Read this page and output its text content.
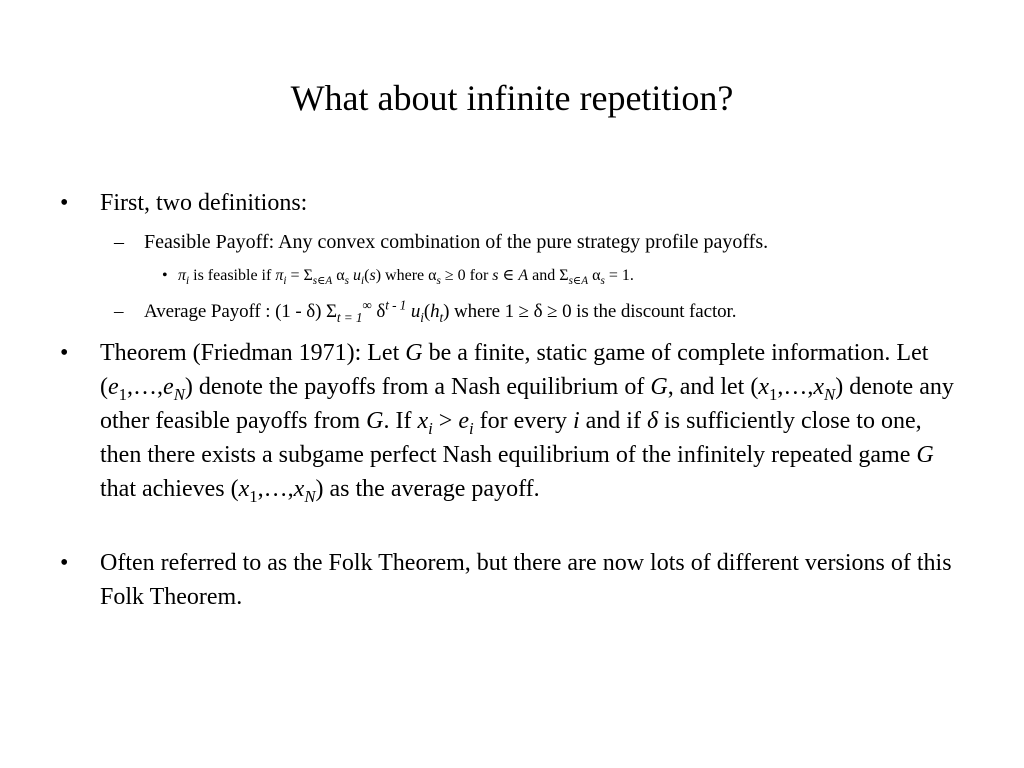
What about infinite repetition?
•	First, two definitions:
–	Feasible Payoff: Any convex combination of the pure strategy profile payoffs.
• $\pi_i$ is feasible if $\pi_i = \Sigma_{s\in A}$ $\alpha_s$ $u_i(s)$ where $\alpha_s \ge 0$ for s ∈ A and $\Sigma_{s\in A}$ $\alpha_s = 1$.
–	Average Payoff : (1 - δ) $\Sigma_{t = 1}^\infty$ $\delta^{t - 1}$ $u_i(h_t)$ where 1 ≥ δ ≥ 0 is the discount factor.
•	Theorem (Friedman 1971): Let G be a finite, static game of complete information. Let $(e_1,\dots,e_N)$ denote the payoffs from a Nash equilibrium of G, and let $(x_1,\dots,x_N)$ denote any other feasible payoffs from G. If $x_i > e_i$ for every i and if δ is sufficiently close to one, then there exists a subgame perfect Nash equilibrium of the infinitely repeated game G that achieves $(x_1,\dots,x_N)$ as the average payoff.
•	Often referred to as the Folk Theorem, but there are now lots of different versions of this Folk Theorem.
